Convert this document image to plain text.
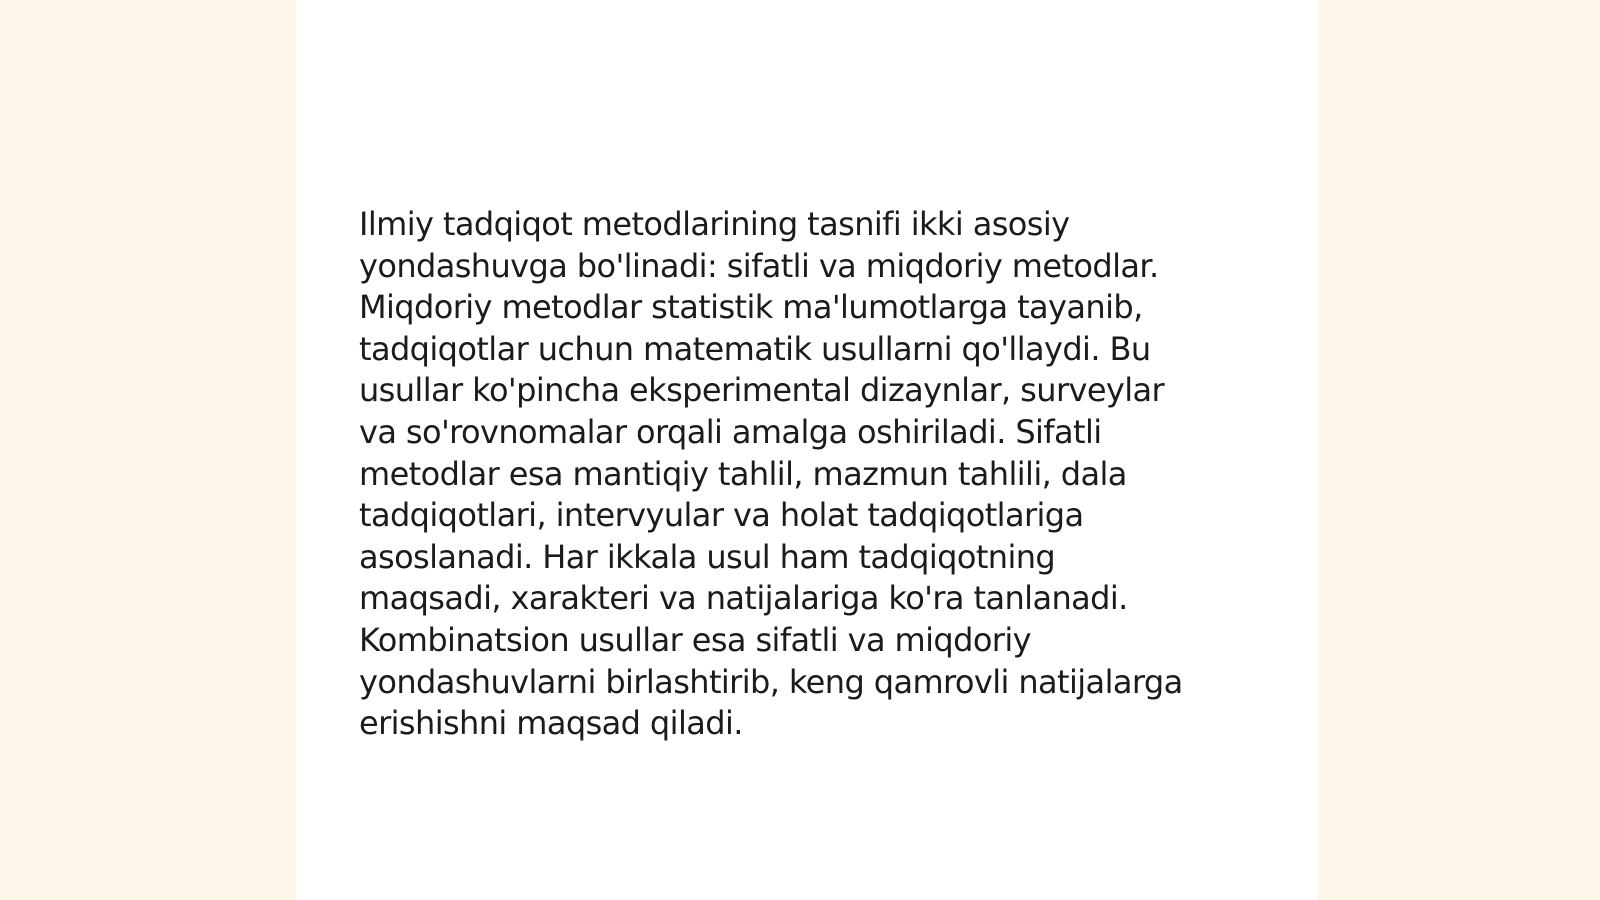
Ilmiy tadqiqot metodlarining tasnifi ikki asosiy
yondashuvga bo'linadi: sifatli va miqdoriy metodlar.
Miqdoriy metodlar statistik ma'lumotlarga tayanib,
tadqiqotlar uchun matematik usullarni qo'llaydi. Bu
usullar ko'pincha eksperimental dizaynlar, surveylar
va so'rovnomalar orqali amalga oshiriladi. Sifatli
metodlar esa mantiqiy tahlil, mazmun tahlili, dala
tadqiqotlari, intervyular va holat tadqiqotlariga
asoslanadi. Har ikkala usul ham tadqiqotning
maqsadi, xarakteri va natijalariga ko'ra tanlanadi.
Kombinatsion usullar esa sifatli va miqdoriy
yondashuvlarni birlashtirib, keng qamrovli natijalarga
erishishni maqsad qiladi.
